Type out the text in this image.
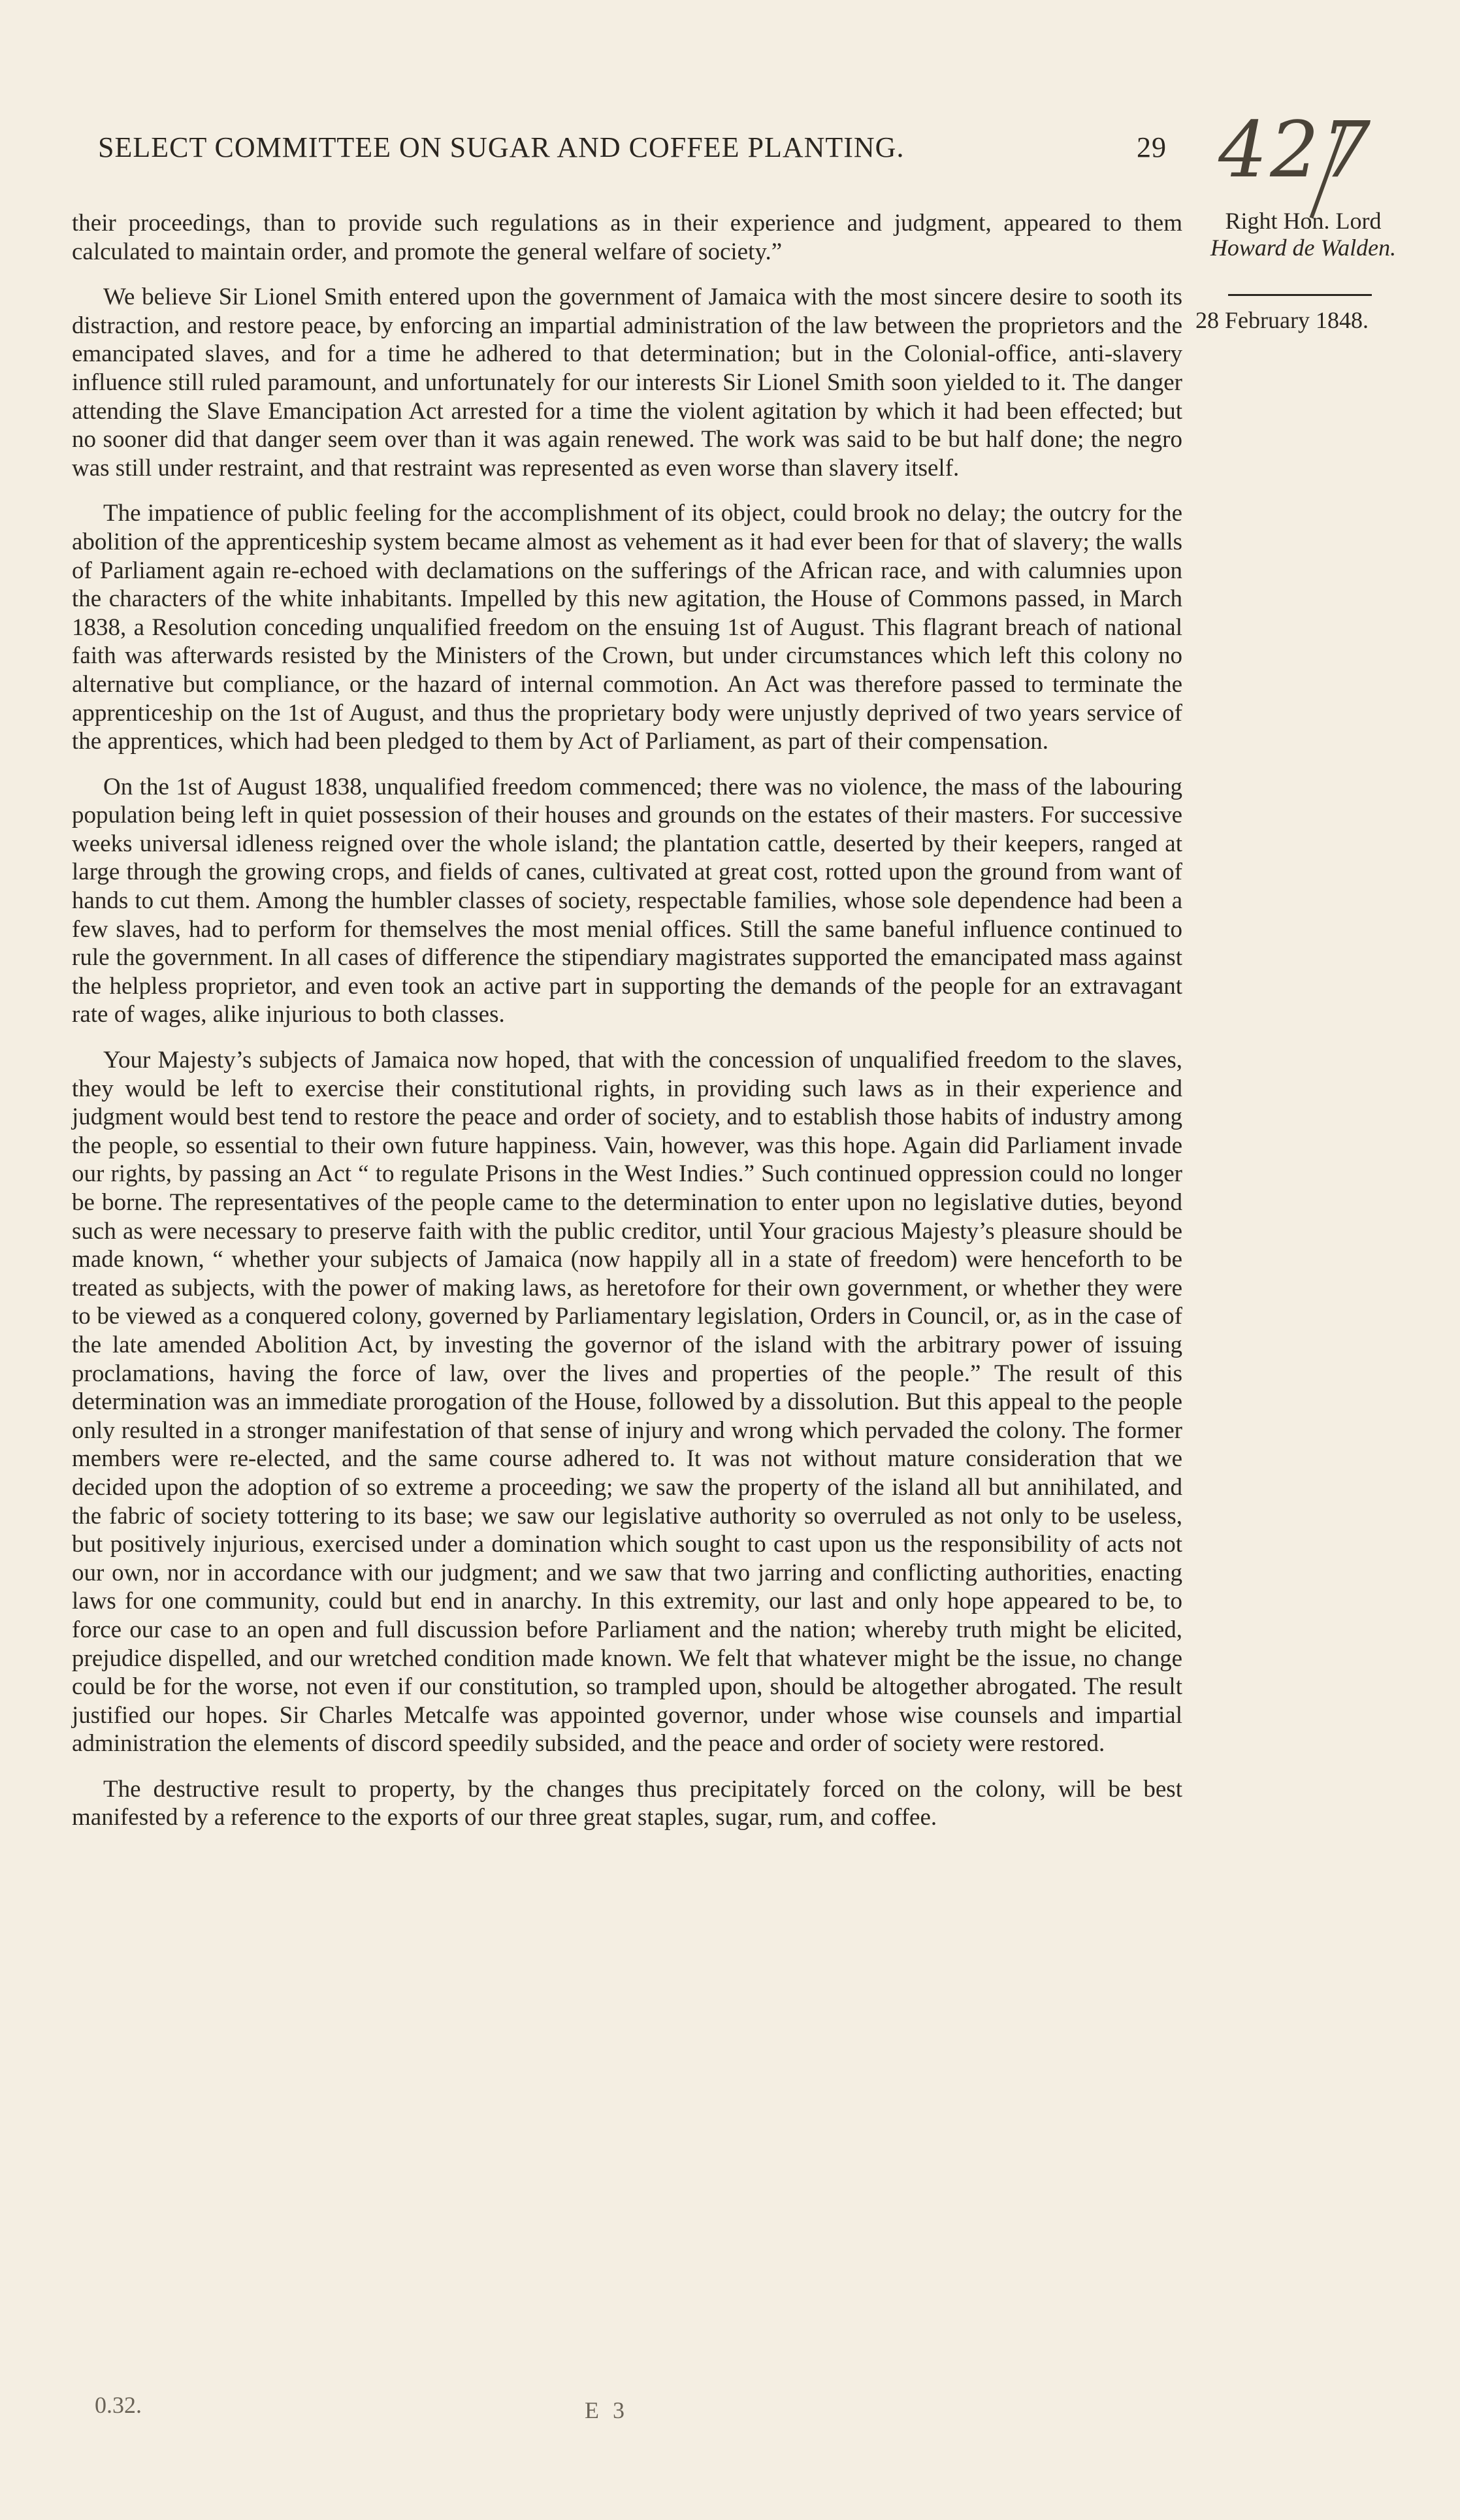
SELECT COMMITTEE ON SUGAR AND COFFEE PLANTING.	29 427
Right Hon. Lord
Howard de Walden.
28 February 1848.

their proceedings, than to provide such regulations as in their experience and judgment, appeared to them calculated to maintain order, and promote the general welfare of society.”

We believe Sir Lionel Smith entered upon the government of Jamaica with the most sincere desire to sooth its distraction, and restore peace, by enforcing an impartial administration of the law between the proprietors and the emancipated slaves, and for a time he adhered to that determination; but in the Colonial-office, anti-slavery influence still ruled paramount, and unfortunately for our interests Sir Lionel Smith soon yielded to it. The danger attending the Slave Emancipation Act arrested for a time the violent agitation by which it had been effected; but no sooner did that danger seem over than it was again renewed. The work was said to be but half done; the negro was still under restraint, and that restraint was represented as even worse than slavery itself.

The impatience of public feeling for the accomplishment of its object, could brook no delay; the outcry for the abolition of the apprenticeship system became almost as vehement as it had ever been for that of slavery; the walls of Parliament again re-echoed with declamations on the sufferings of the African race, and with calumnies upon the characters of the white inhabitants. Impelled by this new agitation, the House of Commons passed, in March 1838, a Resolution conceding unqualified freedom on the ensuing 1st of August. This flagrant breach of national faith was afterwards resisted by the Ministers of the Crown, but under circumstances which left this colony no alternative but compliance, or the hazard of internal commotion. An Act was therefore passed to terminate the apprenticeship on the 1st of August, and thus the proprietary body were unjustly deprived of two years service of the apprentices, which had been pledged to them by Act of Parliament, as part of their compensation.

On the 1st of August 1838, unqualified freedom commenced; there was no violence, the mass of the labouring population being left in quiet possession of their houses and grounds on the estates of their masters. For successive weeks universal idleness reigned over the whole island; the plantation cattle, deserted by their keepers, ranged at large through the growing crops, and fields of canes, cultivated at great cost, rotted upon the ground from want of hands to cut them. Among the humbler classes of society, respectable families, whose sole dependence had been a few slaves, had to perform for themselves the most menial offices. Still the same baneful influence continued to rule the government. In all cases of difference the stipendiary magistrates supported the emancipated mass against the helpless proprietor, and even took an active part in supporting the demands of the people for an extravagant rate of wages, alike injurious to both classes.

Your Majesty’s subjects of Jamaica now hoped, that with the concession of unqualified freedom to the slaves, they would be left to exercise their constitutional rights, in providing such laws as in their experience and judgment would best tend to restore the peace and order of society, and to establish those habits of industry among the people, so essential to their own future happiness. Vain, however, was this hope. Again did Parliament invade our rights, by passing an Act “ to regulate Prisons in the West Indies.” Such continued oppression could no longer be borne. The representatives of the people came to the determination to enter upon no legislative duties, beyond such as were necessary to preserve faith with the public creditor, until Your gracious Majesty’s pleasure should be made known, “ whether your subjects of Jamaica (now happily all in a state of freedom) were henceforth to be treated as subjects, with the power of making laws, as heretofore for their own government, or whether they were to be viewed as a conquered colony, governed by Parliamentary legislation, Orders in Council, or, as in the case of the late amended Abolition Act, by investing the governor of the island with the arbitrary power of issuing proclamations, having the force of law, over the lives and properties of the people.” The result of this determination was an immediate prorogation of the House, followed by a dissolution. But this appeal to the people only resulted in a stronger manifestation of that sense of injury and wrong which pervaded the colony. The former members were re-elected, and the same course adhered to. It was not without mature consideration that we decided upon the adoption of so extreme a proceeding; we saw the property of the island all but annihilated, and the fabric of society tottering to its base; we saw our legislative authority so overruled as not only to be useless, but positively injurious, exercised under a domination which sought to cast upon us the responsibility of acts not our own, nor in accordance with our judgment; and we saw that two jarring and conflicting authorities, enacting laws for one community, could but end in anarchy. In this extremity, our last and only hope appeared to be, to force our case to an open and full discussion before Parliament and the nation; whereby truth might be elicited, prejudice dispelled, and our wretched condition made known. We felt that whatever might be the issue, no change could be for the worse, not even if our constitution, so trampled upon, should be altogether abrogated. The result justified our hopes. Sir Charles Metcalfe was appointed governor, under whose wise counsels and impartial administration the elements of discord speedily subsided, and the peace and order of society were restored.

The destructive result to property, by the changes thus precipitately forced on the colony, will be best manifested by a reference to the exports of our three great staples, sugar, rum, and coffee.

0.32.	E 3
